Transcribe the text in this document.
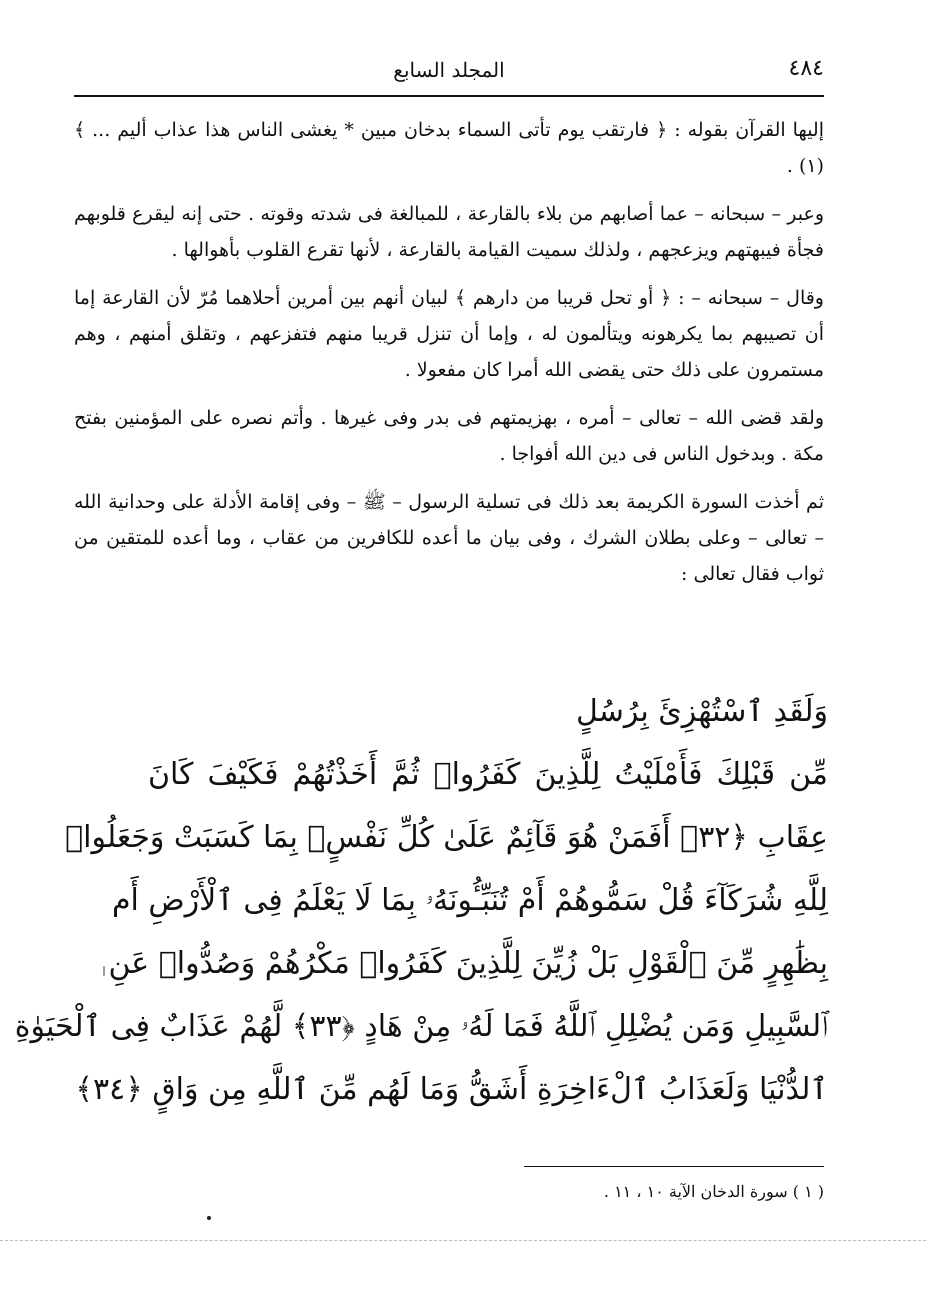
٤٨٤
المجلد السابع

إليها القرآن بقوله : ﴿ فارتقب يوم تأتى السماء بدخان مبين * يغشى الناس هذا عذاب أليم ... ﴾(١) .

وعبر – سبحانه – عما أصابهم من بلاء بالقارعة ، للمبالغة فى شدته وقوته . حتى إنه ليقرع قلوبهم فجأة فيبهتهم ويزعجهم ، ولذلك سميت القيامة بالقارعة ، لأنها تقرع القلوب بأهوالها .

وقال – سبحانه – : ﴿ أو تحل قريبا من دارهم ﴾ لبيان أنهم بين أمرين أحلاهما مُرّ لأن القارعة إما أن تصيبهم بما يكرهونه ويتألمون له ، وإما أن تنزل قريبا منهم فتفزعهم ، وتقلق أمنهم ، وهم مستمرون على ذلك حتى يقضى الله أمرا كان مفعولا .

ولقد قضى الله – تعالى – أمره ، بهزيمتهم فى بدر وفى غيرها . وأتم نصره على المؤمنين بفتح مكة . وبدخول الناس فى دين الله أفواجا .

ثم أخذت السورة الكريمة بعد ذلك فى تسلية الرسول – ﷺ – وفى إقامة الأدلة على وحدانية الله – تعالى – وعلى بطلان الشرك ، وفى بيان ما أعده للكافرين من عقاب ، وما أعده للمتقين من ثواب فقال تعالى :

وَلَقَدِ ٱسْتُهْزِئَ بِرُسُلٍ
مِّن قَبْلِكَ فَأَمْلَيْتُ لِلَّذِينَ كَفَرُوا۟ ثُمَّ أَخَذْتُهُمْ فَكَيْفَ كَانَ
عِقَابِ ﴿٣٢﴾ أَفَمَنْ هُوَ قَآئِمٌ عَلَىٰ كُلِّ نَفْسٍۭ بِمَا كَسَبَتْ وَجَعَلُوا۟
لِلَّهِ شُرَكَآءَ قُلْ سَمُّوهُمْ أَمْ تُنَبِّـُٔونَهُۥ بِمَا لَا يَعْلَمُ فِى ٱلْأَرْضِ أَم
بِظَٰهِرٍ مِّنَ ٱلْقَوْلِ بَلْ زُيِّنَ لِلَّذِينَ كَفَرُوا۟ مَكْرُهُمْ وَصُدُّوا۟ عَنِ
ٱلسَّبِيلِ وَمَن يُضْلِلِ ٱللَّهُ فَمَا لَهُۥ مِنْ هَادٍ ﴿٣٣﴾ لَّهُمْ عَذَابٌ فِى ٱلْحَيَوٰةِ
ٱلدُّنْيَا وَلَعَذَابُ ٱلْءَاخِرَةِ أَشَقُّ وَمَا لَهُم مِّنَ ٱللَّهِ مِن وَاقٍ ﴿٣٤﴾
( ١ ) سورة الدخان الآية ١٠ ، ١١ .
